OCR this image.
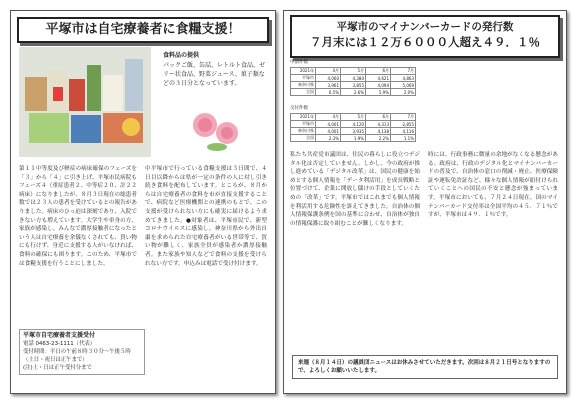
平塚市は自宅療養者に食糧支援！
食料品の提供
パックご飯、缶詰、レトルト食品、ゼリー状食品、野菜ジュース、菓子類などの３日分となっています。
第１１中等度及び軽症の病床確保のフェーズを「３」から「４」に引き上げ、平塚市民病院もフェーズ４（重症患者２、中等症２０、計２２病床）になりましたが、８月３日現在の総患者数では２３人の患者を受けているとの報告がありました。病床のひっ迫は深刻であり、入院できない方も増えています。大学生や単身の方、家族が感染し、みんなで濃厚接触者になったという人は自宅療養を余儀なくされても、買い物にも行けず、身近に支援する人がいなければ、食料の確保にも困ります。このため、平塚市では食糧支援を行うことにしました。
中平塚市で行っている食糧支援は３日間で、４日目以降からは県が一定の条件の人に対し引き続き食料を配布しています。ところが、８月からは自宅療養者の食料を市が直接支援することで、病院など医療機関との連携のもとで、この支援が受けられない方にも確実に届けるよう求めてきました。●対象者は、平塚市民で、新型コロナウイルスに感染し、神奈川県から外出自粛を求められた自宅療養者がいる世帯等で、買い物が難しく、家族全員が感染者か濃厚接触者。また家族や知人などで食料の支援を受けられない方です。申込みは電話で受け付けます。
平塚市自宅療養者支援受付
電話 0463-23-1111（代表）
受付時間：平日の午前８時３０分～午後５時（土日・祝日は正午まで）
(注)土・日は正午受付分まで
平塚市のマイナンバーカードの発行数
７月末には１２万６０００人超え４９．１％
申請件数
2021年	4月	5月	6月	7月
平塚市	4,060	4,380	4,621	4,863
神奈川県	3,961	3,855	4,094	5,069
全国	6.5%	2.6%	5.9%	2.0%
交付件数
2021年	4月	5月	6月	7月
平塚市	4,001	4,120	4,313	2,855
神奈川県	4,001	3,935	4,138	4,116
全国	2.3%	1.9%	2.2%	1.1%
私たち共産党市議団は、住民の暮らしに役立つデジタル化は否定していません。しかし、今の政府が推し進めている「デジタル改革」は、国民の健康を始めとする個人情報を「データ利活用」を成長戦略と位置づけて、企業に開放し儲けの手段としていくための「改革」です。平塚市ではこれまでも個人情報を利活用する危険性を訴えてきました。自治体の個人情報保護条例を国の基準に合わせ、自治体が独自の情報保護に取り組むことが難しくなります。
時には、行政事務に微量の余地がなくなる懸念がある。政府は、行政のデジタル化とマイナンバーカードの普及で、自治体の窓口の削減・廃止、医療保険証や運転免許証など、様々な個人情報が紐付けられていくことへの国民の不安と懸念が強まっています。平塚市においても、７月２４日現在、国のマイナンバーカード交付率は全国平均の４５．７１％ですが、平塚市は４９．１％です。
来週（８月１４日）の議員団ニュースはお休みさせていただきます。次回は８月２１日号となりますので、よろしくお願いいたします。
